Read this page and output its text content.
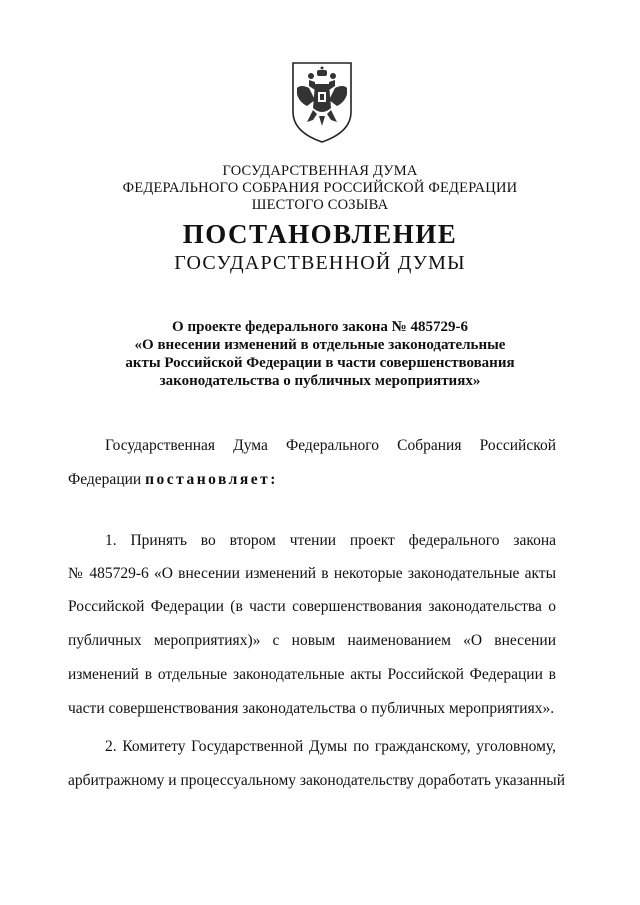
ГОСУДАРСТВЕННАЯ ДУМА
ФЕДЕРАЛЬНОГО СОБРАНИЯ РОССИЙСКОЙ ФЕДЕРАЦИИ
ШЕСТОГО СОЗЫВА
ПОСТАНОВЛЕНИЕ
ГОСУДАРСТВЕННОЙ ДУМЫ
О проекте федерального закона № 485729-6
«О внесении изменений в отдельные законодательные
акты Российской Федерации в части совершенствования
законодательства о публичных мероприятиях»
Государственная Дума Федерального Собрания Российской
Федерации постановляет:
1. Принять во втором чтении проект федерального закона
№ 485729-6 «О внесении изменений в некоторые законодательные акты
Российской Федерации (в части совершенствования законодательства о
публичных мероприятиях)» с новым наименованием «О внесении
изменений в отдельные законодательные акты Российской Федерации в
части совершенствования законодательства о публичных мероприятиях».
2. Комитету Государственной Думы по гражданскому, уголовному,
арбитражному и процессуальному законодательству доработать указанный
